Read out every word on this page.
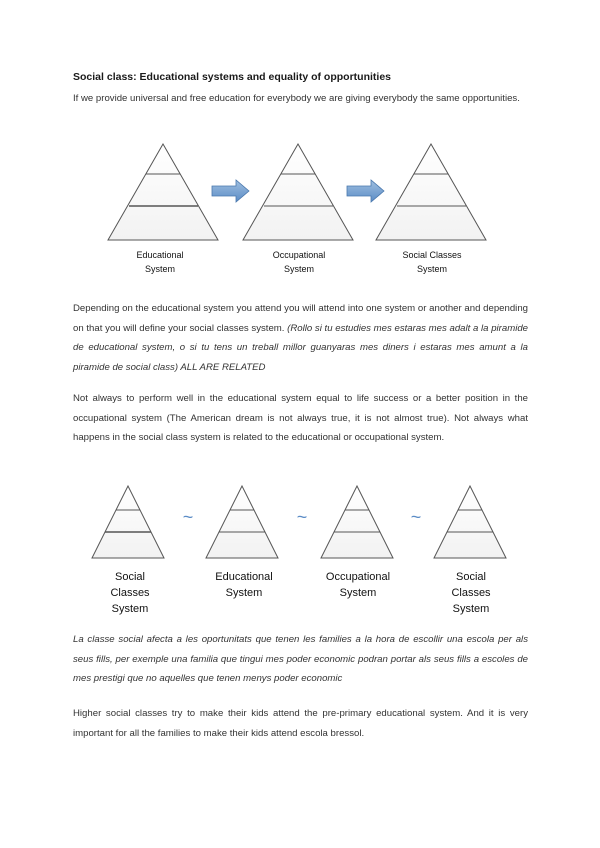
Social class: Educational systems and equality of opportunities
If we provide universal and free education for everybody we are giving everybody the same opportunities.
Educational
System
Occupational
System
Social Classes
System
~	~	~
Social
Classes
System
Educational
System
Occupational
System
Social
Classes
System
Depending on the educational system you attend you will attend into one system or another and depending on that you will define your social classes system. (Rollo si tu estudies mes estaras mes adalt a la piramide de educational system, o si tu tens un treball millor guanyaras mes diners i estaras mes amunt a la piramide de social class) ALL ARE RELATED
Not always to perform well in the educational system equal to life success or a better position in the occupational system (The American dream is not always true, it is not almost true). Not always what happens in the social class system is related to the educational or occupational system.
La classe social afecta a les oportunitats que tenen les families a la hora de escollir una escola per als seus fills, per exemple una familia que tingui mes poder economic podran portar als seus fills a escoles de mes prestigi que no aquelles que tenen menys poder economic
Higher social classes try to make their kids attend the pre-primary educational system. And it is very important for all the families to make their kids attend escola bressol.
